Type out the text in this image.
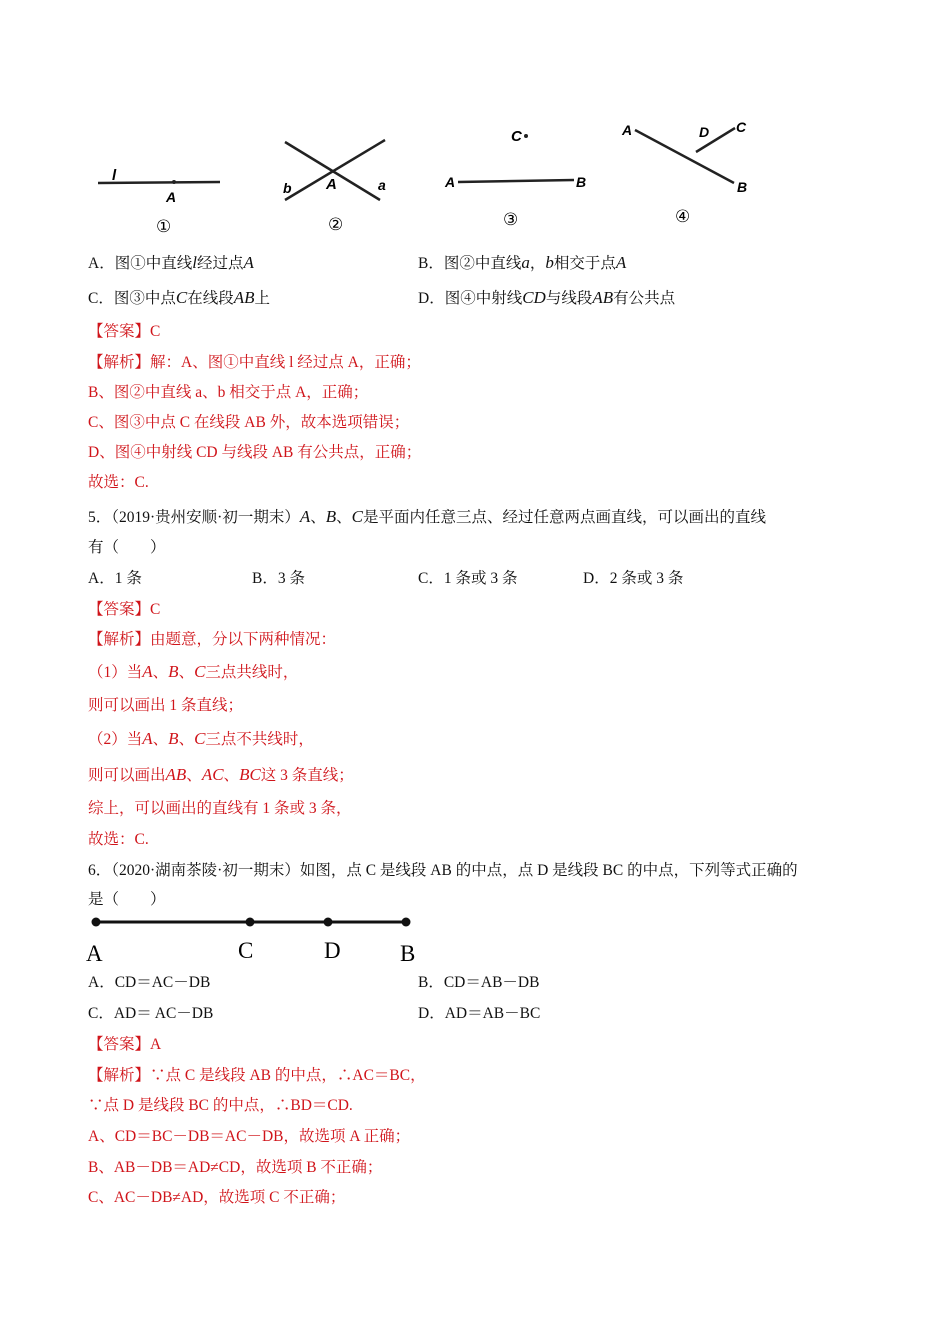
l
A
①
b A	a
②
C
A	B
③
A	D C
B
④
A．图①中直线l经过点A	B．图②中直线a，b相交于点A
C．图③中点C在线段AB上	D．图④中射线CD与线段AB有公共点
【答案】C
【解析】解：A、图①中直线 l 经过点 A，正确；
B、图②中直线 a、b 相交于点 A，正确；
C、图③中点 C 在线段 AB 外，故本选项错误；
D、图④中射线 CD 与线段 AB 有公共点，正确；
故选：C.
5．（2019·贵州安顺·初一期末）A、B、C是平面内任意三点、经过任意两点画直线，可以画出的直线
有（　　）
A．1 条	B．3 条	C．1 条或 3 条	D．2 条或 3 条
【答案】C
【解析】由题意，分以下两种情况：
（1）当A、B、C三点共线时，
则可以画出 1 条直线；
（2）当A、B、C三点不共线时，
则可以画出AB、AC、BC这 3 条直线；
综上，可以画出的直线有 1 条或 3 条，
故选：C.
6．（2020·湖南茶陵·初一期末）如图，点 C 是线段 AB 的中点，点 D 是线段 BC 的中点，下列等式正确的
是（　　）
A	C	D	B
A．CD＝AC－DB	B．CD＝AB－DB
C．AD＝ AC－DB	D．AD＝AB－BC
【答案】A
【解析】∵点 C 是线段 AB 的中点，∴AC＝BC，
∵点 D 是线段 BC 的中点，∴BD＝CD.
A、CD＝BC－DB＝AC－DB，故选项 A 正确；
B、AB－DB＝AD≠CD，故选项 B 不正确；
C、AC－DB≠AD，故选项 C 不正确；
